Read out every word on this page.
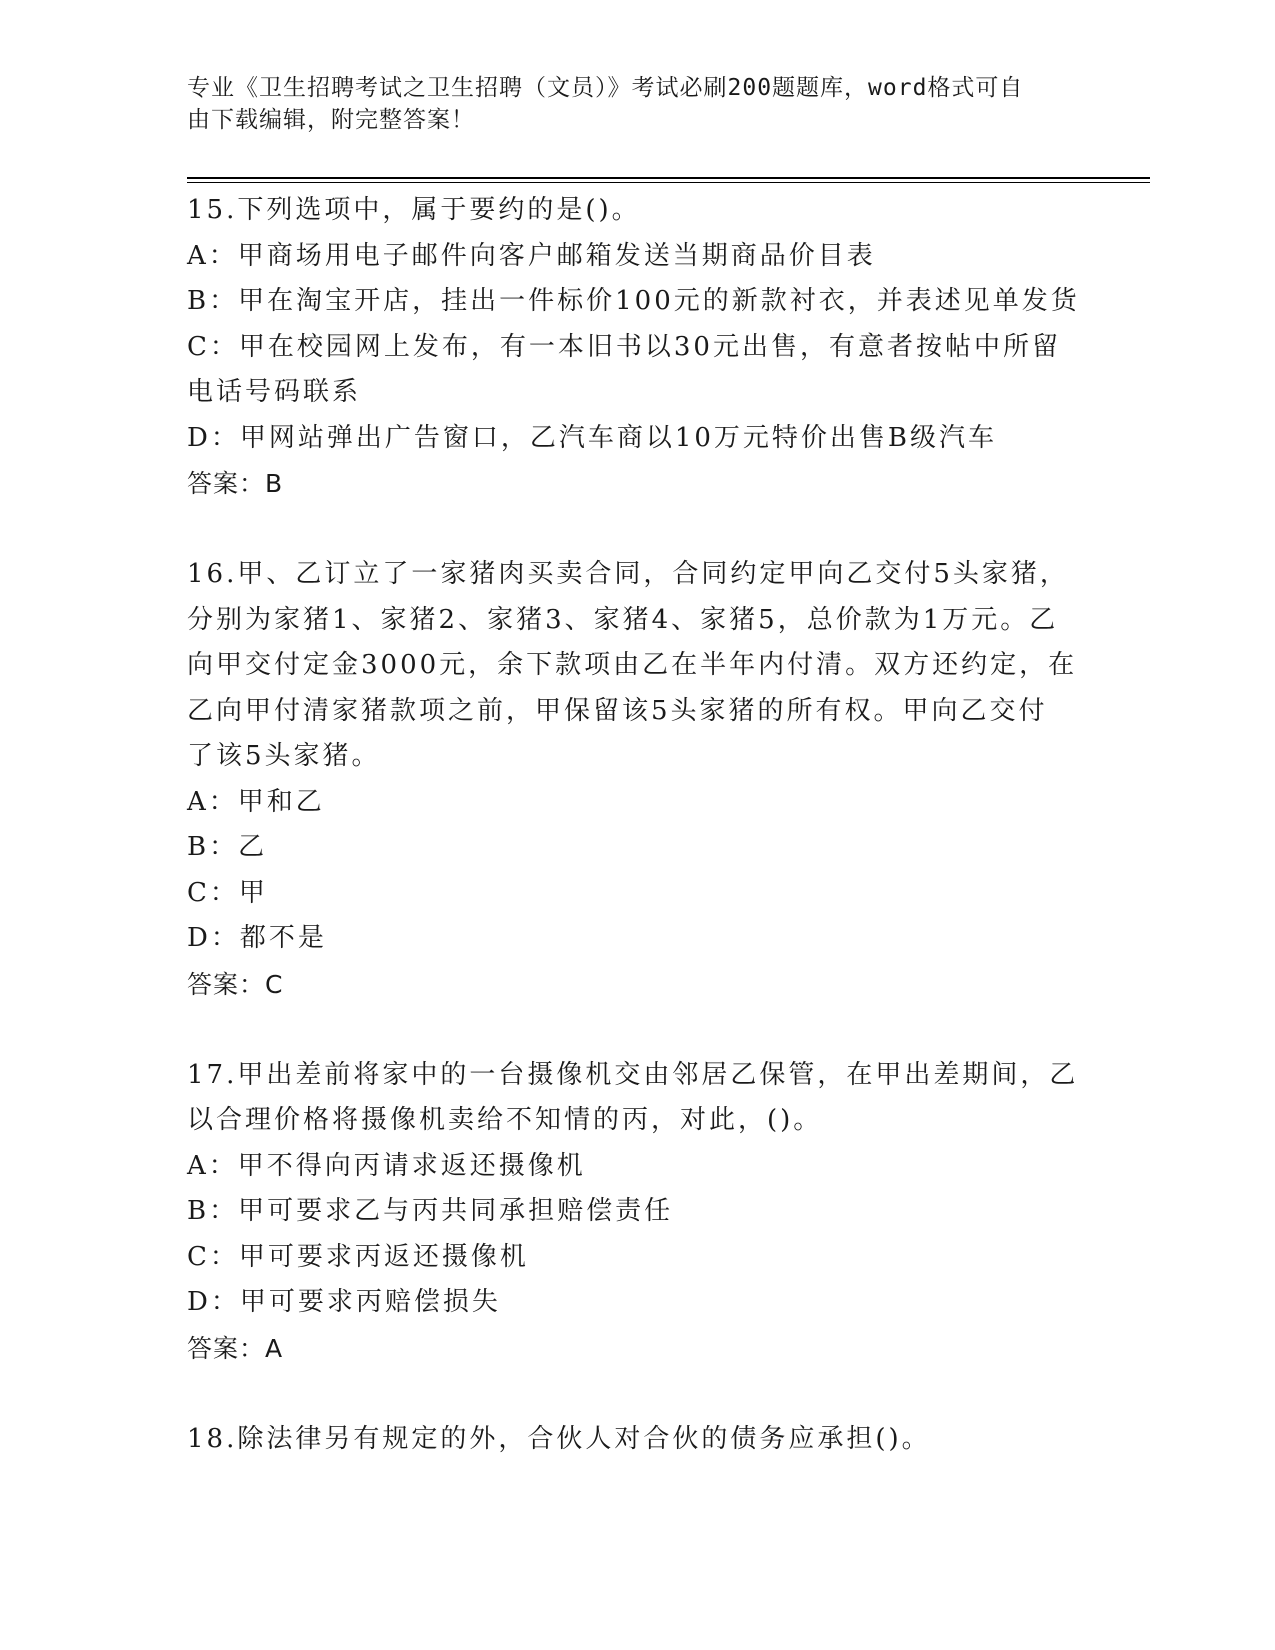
专业《卫生招聘考试之卫生招聘（文员）》考试必刷200题题库，word格式可自
由下载编辑，附完整答案！

15.下列选项中，属于要约的是()。

A：甲商场用电子邮件向客户邮箱发送当期商品价目表

B：甲在淘宝开店，挂出一件标价100元的新款衬衣，并表述见单发货

C：甲在校园网上发布，有一本旧书以30元出售，有意者按帖中所留

电话号码联系

D：甲网站弹出广告窗口，乙汽车商以10万元特价出售B级汽车

答案：B

16.甲、乙订立了一家猪肉买卖合同，合同约定甲向乙交付5头家猪，

分别为家猪1、家猪2、家猪3、家猪4、家猪5，总价款为1万元。乙

向甲交付定金3000元，余下款项由乙在半年内付清。双方还约定，在

乙向甲付清家猪款项之前，甲保留该5头家猪的所有权。甲向乙交付

了该5头家猪。

A：甲和乙

B：乙

C：甲

D：都不是

答案：C

17.甲出差前将家中的一台摄像机交由邻居乙保管，在甲出差期间，乙

以合理价格将摄像机卖给不知情的丙，对此，()。

A：甲不得向丙请求返还摄像机

B：甲可要求乙与丙共同承担赔偿责任

C：甲可要求丙返还摄像机

D：甲可要求丙赔偿损失

答案：A

18.除法律另有规定的外，合伙人对合伙的债务应承担()。
